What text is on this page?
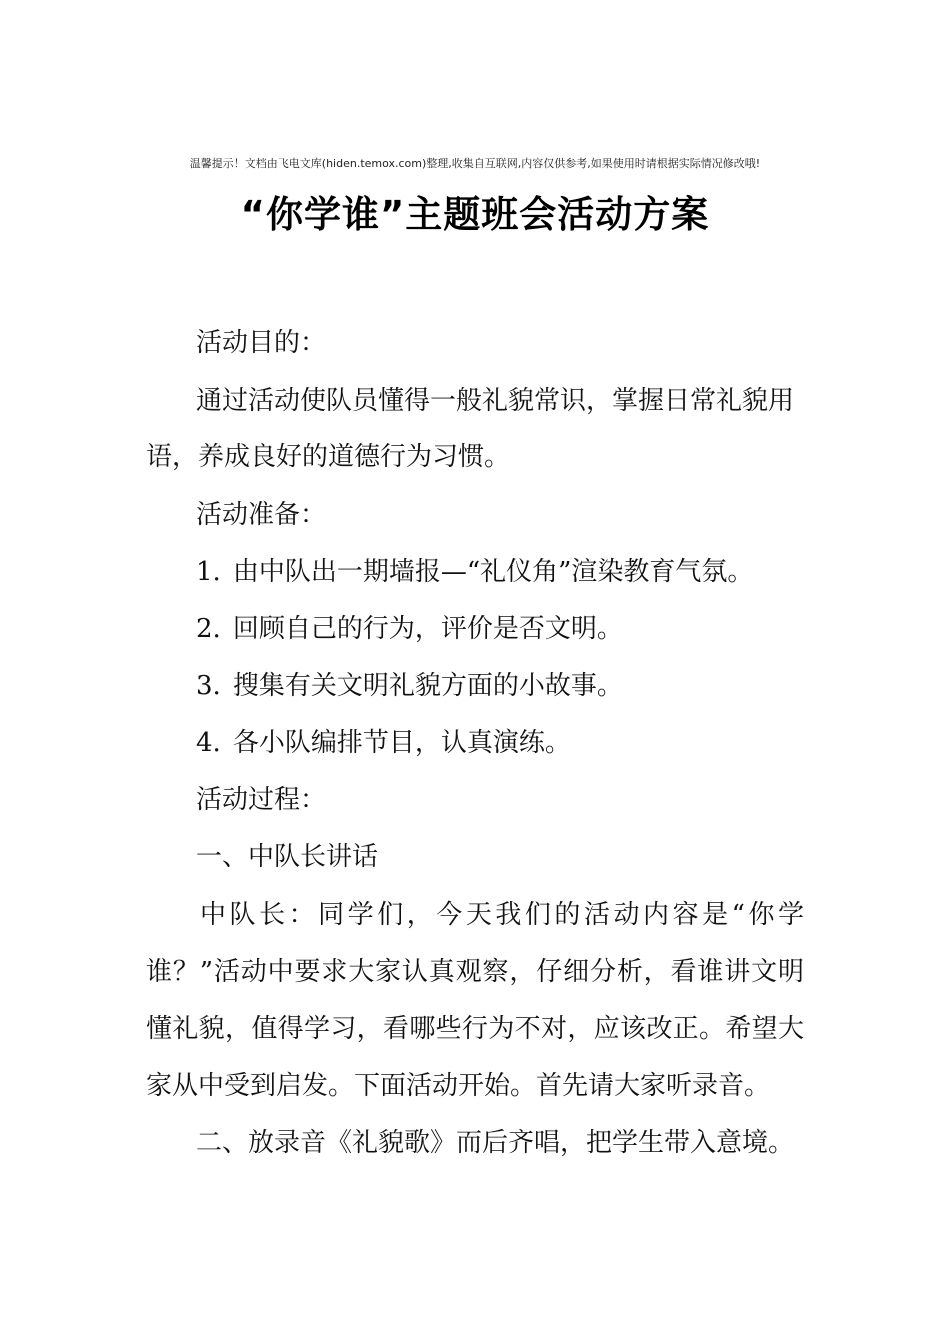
温馨提示！文档由飞电文库(hiden.temox.com)整理,收集自互联网,内容仅供参考,如果使用时请根据实际情况修改哦!
“你学谁”主题班会活动方案
活动目的：
通过活动使队员懂得一般礼貌常识，掌握日常礼貌用
语，养成良好的道德行为习惯。
活动准备：
1. 由中队出一期墙报—“礼仪角”渲染教育气氛。
2. 回顾自己的行为，评价是否文明。
3. 搜集有关文明礼貌方面的小故事。
4. 各小队编排节目，认真演练。
活动过程：
一、中队长讲话
中队长：同学们，今天我们的活动内容是“你学
谁？”活动中要求大家认真观察，仔细分析，看谁讲文明
懂礼貌，值得学习，看哪些行为不对，应该改正。希望大
家从中受到启发。下面活动开始。首先请大家听录音。
二、放录音《礼貌歌》而后齐唱，把学生带入意境。
